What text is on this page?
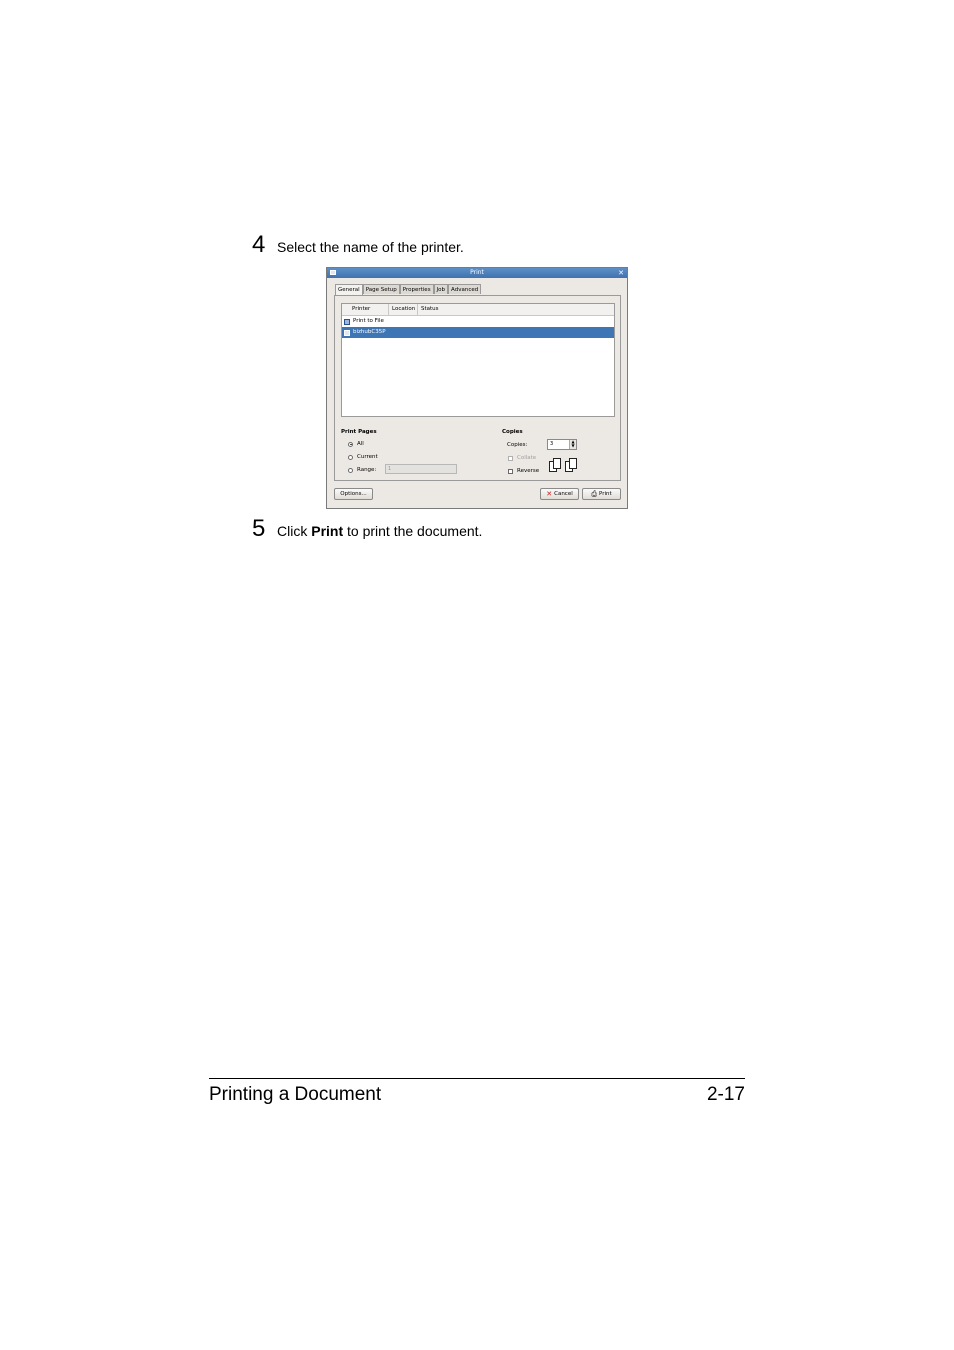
4 Select the name of the printer.
Print	✕
General	Page Setup	Properties	Job	Advanced
Printer	Location	Status
Print to File
bizhubC35P
Print Pages
All
Current
Range:	1
Copies
Copies:	3	▲
▼
Collate
Reverse
Options...	✕ Cancel	⎙ Print
5 Click Print to print the document.
Printing a Document	2-17
